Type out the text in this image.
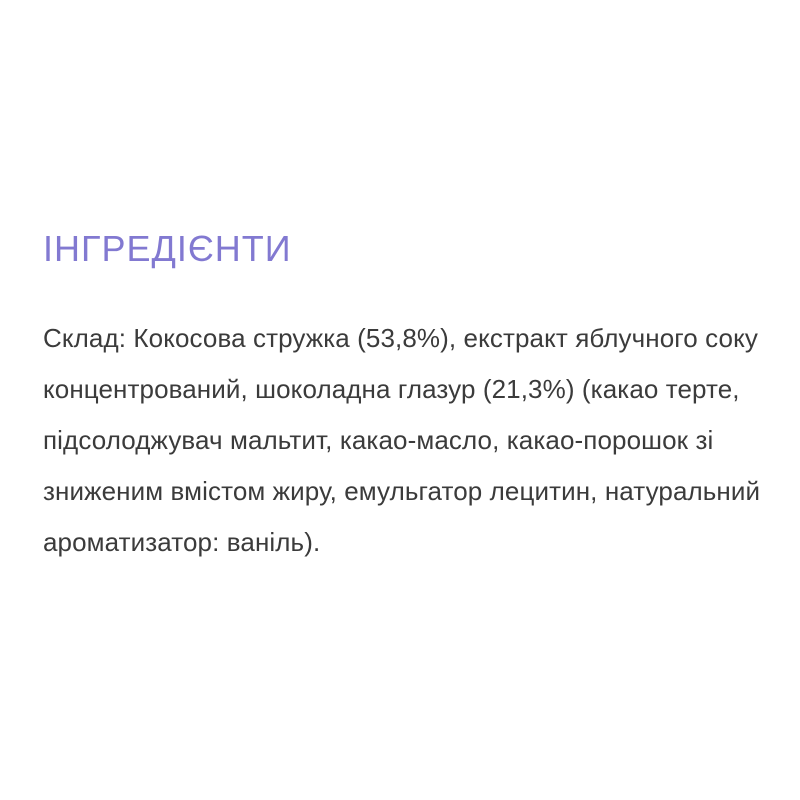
ІНГРЕДІЄНТИ
Склад: Кокосова стружка (53,8%), екстракт яблучного соку
концентрований, шоколадна глазур (21,3%) (какао терте,
підсолоджувач мальтит, какао-масло, какао-порошок зі
зниженим вмістом жиру, емульгатор лецитин, натуральний
ароматизатор: ваніль).
